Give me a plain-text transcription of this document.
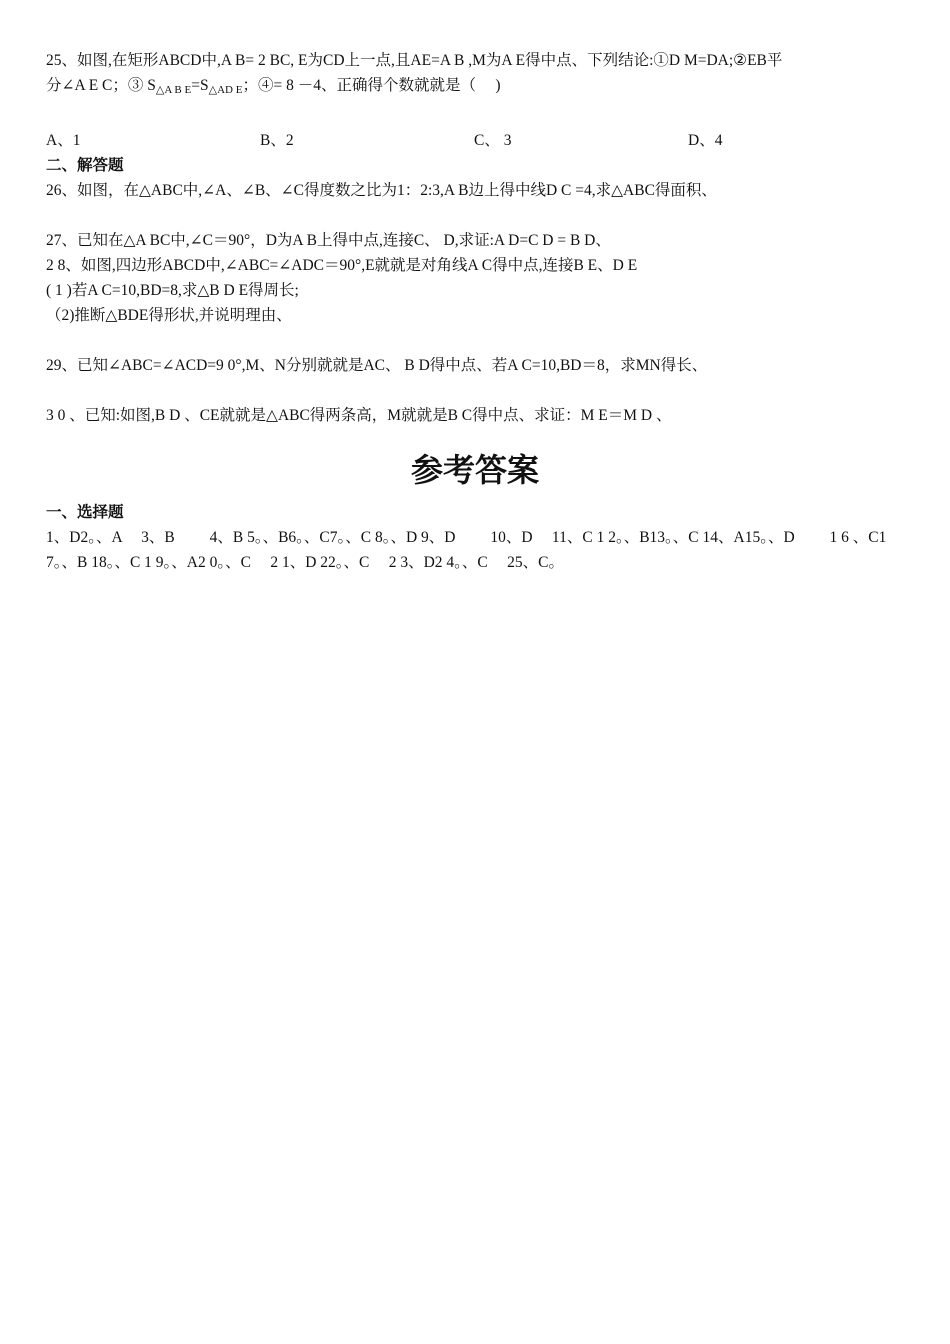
25、如图,在矩形ABCD中,A B= 2 BC, E为CD上一点,且AE=A B ,M为A E得中点、下列结论:①D M=DA;②EB平
分∠A E C；③ $S_{\triangle A B E}=S_{\triangle AD E}$；④= 8 －4、正确得个数就就是（　 )
A、1	B、2	C、 3	D、4
二、解答题
26、如图，在△ABC中,∠A、∠B、∠C得度数之比为1：2:3,A B边上得中线D C =4,求△ABC得面积、
27、已知在△A BC中,∠C＝90°，D为A B上得中点,连接C、 D,求证:A D=C D = B D、
2 8、如图,四边形ABCD中,∠ABC=∠ADC＝90°,E就就是对角线A C得中点,连接B E、D E
( 1 )若A C=10,BD=8,求△B D E得周长;
（2)推断△BDE得形状,并说明理由、
29、已知∠ABC=∠ACD=9 0°,M、N分别就就是AC、 B D得中点、若A C=10,BD＝8，求MN得长、
3 0 、已知:如图,B D 、CE就就是△ABC得两条高，M就就是B C得中点、求证：M E＝M D 、
参考答案
一、选择题
1、D2。、A 　3、B 　　4、B 5。、B6。、C7。、C 8。、D 9、D 　　10、D 　11、C 1 2。、B13。、C 14、A15。、D 　　1 6 、C17。、B 18。、C 1 9。、A2 0。、C 　2 1、D 22。、C 　2 3、D2 4。、C 　25、C。
